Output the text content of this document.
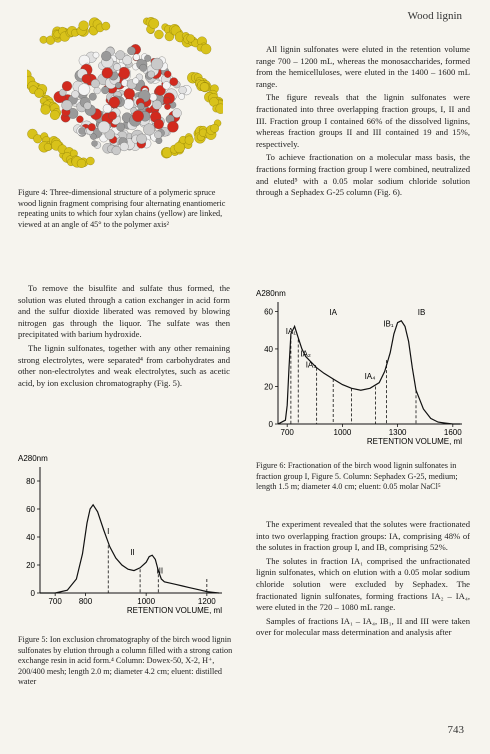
Wood lignin
Figure 4: Three-dimensional structure of a polymeric spruce wood lignin fragment comprising four alternating enantiomeric repeating units to which four xylan chains (yellow) are linked, viewed at an angle of 45° to the polymer axis²

To remove the bisulfite and sulfate thus formed, the solution was eluted through a cation exchanger in acid form and the sulfur dioxide liberated was removed by blowing nitrogen gas through the liquor. The sulfate was then precipitated with barium hydroxide.

The lignin sulfonates, together with any other remaining strong electrolytes, were separated⁴ from carbohydrates and other non-electrolytes and weak electrolytes, such as acetic acid, by ion exclusion chromatography (Fig. 5).

0
20
40
60
80
700 800	1000	1200
RETENTION VOLUME, ml
A280nm
I
II
III
Figure 5: Ion exclusion chromatography of the birch wood lignin sulfonates by elution through a column filled with a strong cation exchange resin in acid form.⁴ Column: Dowex-50, X-2, H⁺, 200/400 mesh; length 2.0 m; diameter 4.2 cm; eluent: distilled water

All lignin sulfonates were eluted in the retention volume range 700 – 1200 mL, whereas the monosaccharides, formed from the hemicelluloses, were eluted in the 1400 – 1600 mL range.

The figure reveals that the lignin sulfonates were fractionated into three overlapping fraction groups, I, II and III. Fraction group I contained 66% of the dissolved lignins, whereas fraction groups II and III contained 19 and 15%, respectively.

To achieve fractionation on a molecular mass basis, the fractions forming fraction group I were combined, neutralized and eluted⁵ with a 0.05 molar sodium chloride solution through a Sephadex G-25 column (Fig. 6).

0
20
40
60
700	1000	1300	1600
RETENTION VOLUME, ml
A280nm
IA	IB
IA₁
IA₂
IA₃
IA₄
IB₁
Figure 6: Fractionation of the birch wood lignin sulfonates in fraction group I, Figure 5. Column: Sephadex G-25, medium; length 1.5 m; diameter 4.0 cm; eluent: 0.05 molar NaCl⁵

The experiment revealed that the solutes were fractionated into two overlapping fraction groups: IA, comprising 48% of the solutes in fraction group I, and IB, comprising 52%.

The solutes in fraction IA₁ comprised the unfractionated lignin sulfonates, which on elution with a 0.05 molar sodium chloride solution were excluded by Sephadex. The fractionated lignin sulfonates, forming fractions IA₂ – IA₄, were eluted in the 720 – 1080 mL range.

Samples of fractions IA₁ – IA₄, IB₁, II and III were taken over for molecular mass determination and analysis after

743
